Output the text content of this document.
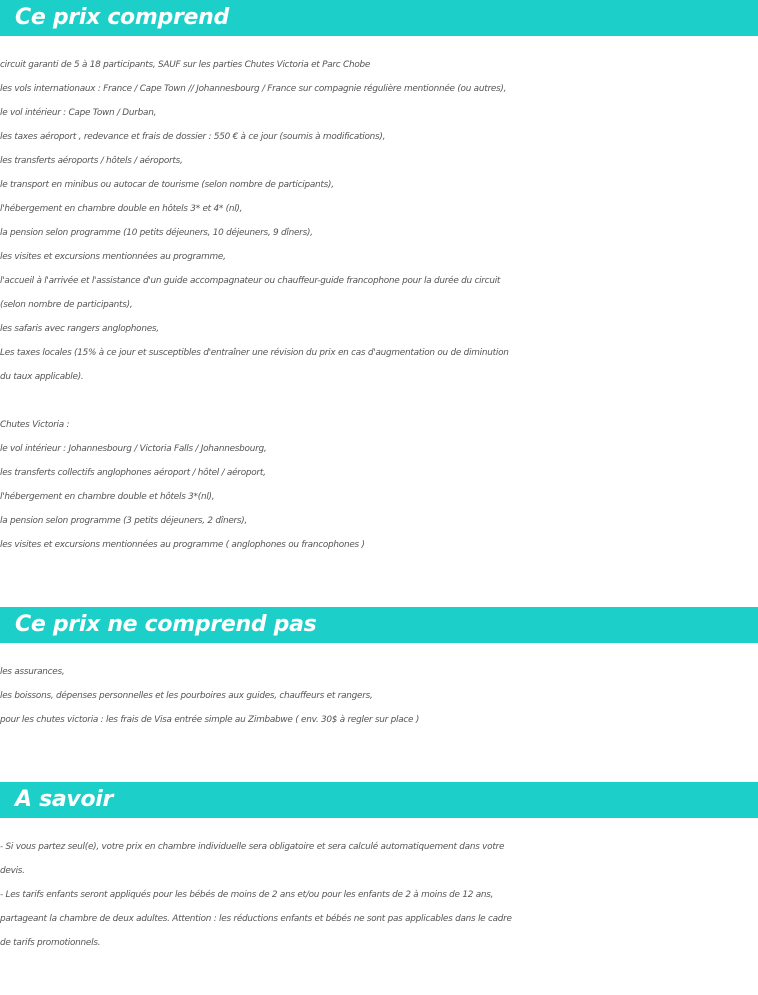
Ce prix comprend
circuit garanti de 5 à 18 participants, SAUF sur les parties Chutes Victoria et Parc Chobe
les vols internationaux : France / Cape Town // Johannesbourg / France sur compagnie régulière mentionnée (ou autres),
le vol intérieur : Cape Town / Durban,
les taxes aéroport , redevance et frais de dossier : 550 € à ce jour (soumis à modifications),
les transferts aéroports / hôtels / aéroports,
le transport en minibus ou autocar de tourisme (selon nombre de participants),
l'hébergement en chambre double en hôtels 3* et 4* (nl),
la pension selon programme (10 petits déjeuners, 10 déjeuners, 9 dîners),
les visites et excursions mentionnées au programme,
l'accueil à l'arrivée et l'assistance d'un guide accompagnateur ou chauffeur-guide francophone pour la durée du circuit
(selon nombre de participants),
les safaris avec rangers anglophones,
Les taxes locales (15% à ce jour et susceptibles d'entraîner une révision du prix en cas d'augmentation ou de diminution
du taux applicable).
Chutes Victoria :
le vol intérieur : Johannesbourg / Victoria Falls / Johannesbourg,
les transferts collectifs anglophones aéroport / hôtel / aéroport,
l'hébergement en chambre double et hôtels 3*(nl),
la pension selon programme (3 petits déjeuners, 2 dîners),
les visites et excursions mentionnées au programme ( anglophones ou francophones )
Ce prix ne comprend pas
les assurances,
les boissons, dépenses personnelles et les pourboires aux guides, chauffeurs et rangers,
pour les chutes victoria : les frais de Visa entrée simple au Zimbabwe ( env. 30$ à regler sur place )
A savoir
- Si vous partez seul(e), votre prix en chambre individuelle sera obligatoire et sera calculé automatiquement dans votre
devis.
- Les tarifs enfants seront appliqués pour les bébés de moins de 2 ans et/ou pour les enfants de 2 à moins de 12 ans,
partageant la chambre de deux adultes. Attention : les réductions enfants et bébés ne sont pas applicables dans le cadre
de tarifs promotionnels.
